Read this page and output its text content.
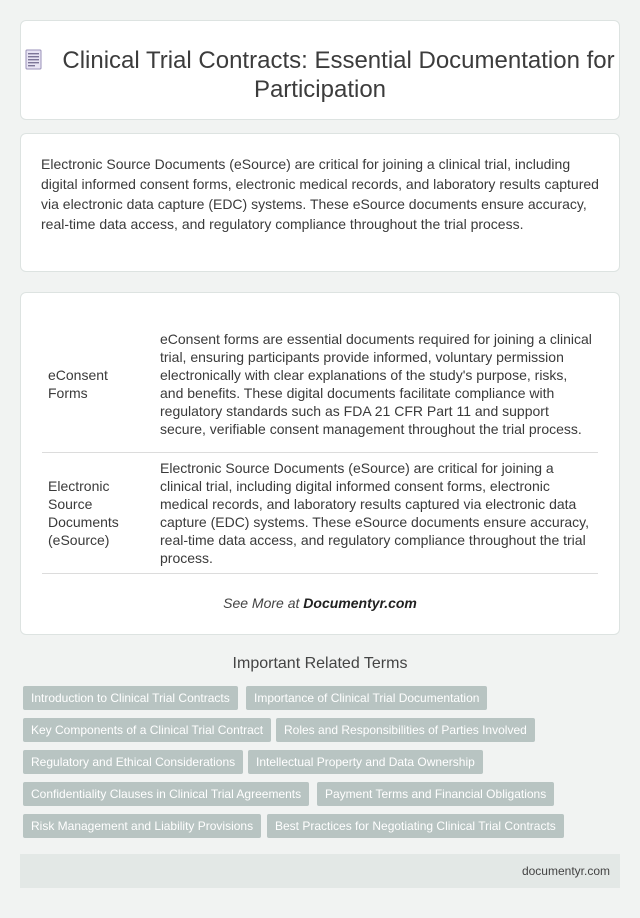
Clinical Trial Contracts: Essential Documentation for Participation

Electronic Source Documents (eSource) are critical for joining a clinical trial, including digital informed consent forms, electronic medical records, and laboratory results captured via electronic data capture (EDC) systems. These eSource documents ensure accuracy, real-time data access, and regulatory compliance throughout the trial process.

eConsent Forms	eConsent forms are essential documents required for joining a clinical trial, ensuring participants provide informed, voluntary permission electronically with clear explanations of the study's purpose, risks, and benefits. These digital documents facilitate compliance with regulatory standards such as FDA 21 CFR Part 11 and support secure, verifiable consent management throughout the trial process.
Electronic Source Documents (eSource)	Electronic Source Documents (eSource) are critical for joining a clinical trial, including digital informed consent forms, electronic medical records, and laboratory results captured via electronic data capture (EDC) systems. These eSource documents ensure accuracy, real-time data access, and regulatory compliance throughout the trial process.
See More at Documentyr.com
Important Related Terms
Introduction to Clinical Trial Contracts	Importance of Clinical Trial Documentation
Key Components of a Clinical Trial Contract	Roles and Responsibilities of Parties Involved
Regulatory and Ethical Considerations	Intellectual Property and Data Ownership
Confidentiality Clauses in Clinical Trial Agreements	Payment Terms and Financial Obligations
Risk Management and Liability Provisions	Best Practices for Negotiating Clinical Trial Contracts
documentyr.com
